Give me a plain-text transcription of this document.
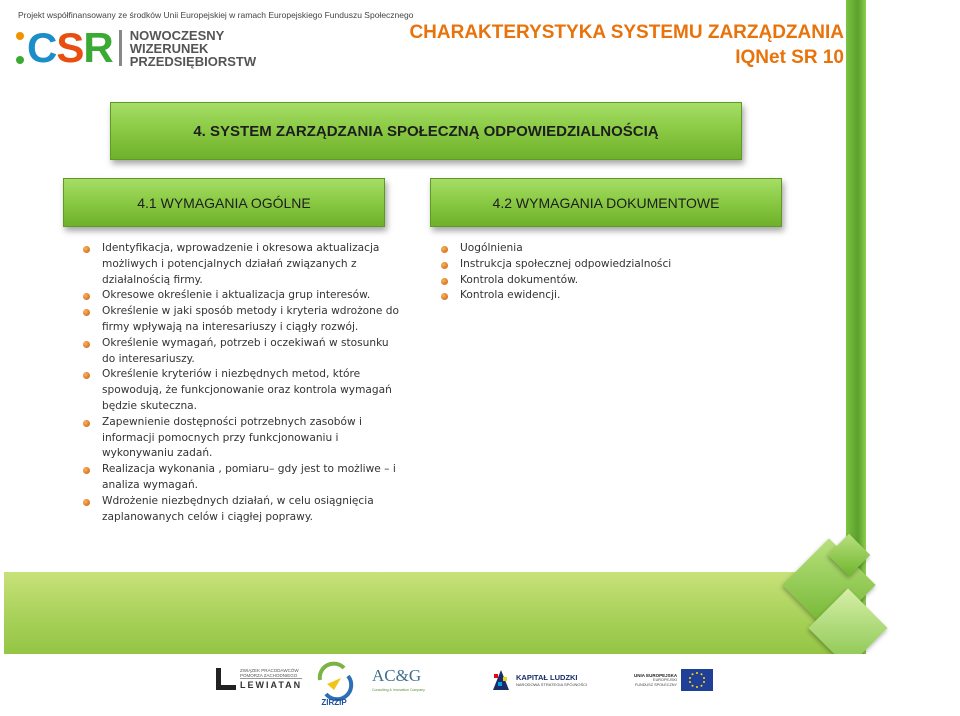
Projekt współfinansowany ze środków Unii Europejskiej w ramach Europejskiego Funduszu Społecznego
CSR NOWOCZESNY
WIZERUNEK
PRZEDSIĘBIORSTW
CHARAKTERYSTYKA SYSTEMU ZARZĄDZANIA
IQNet SR 10
4. SYSTEM ZARZĄDZANIA SPOŁECZNĄ ODPOWIEDZIALNOŚCIĄ
4.1 WYMAGANIA OGÓLNE	4.2 WYMAGANIA DOKUMENTOWE
Identyfikacja, wprowadzenie i okresowa aktualizacja możliwych i potencjalnych działań związanych z działalnością firmy.
Okresowe określenie i aktualizacja grup interesów.
Określenie w jaki sposób metody i kryteria wdrożone do firmy wpływają na interesariuszy i ciągły rozwój.
Określenie wymagań, potrzeb i oczekiwań w stosunku do interesariuszy.
Określenie kryteriów i niezbędnych metod, które spowodują, że funkcjonowanie oraz kontrola wymagań będzie skuteczna.
Zapewnienie dostępności potrzebnych zasobów i informacji pomocnych przy funkcjonowaniu i wykonywaniu zadań.
Realizacja wykonania , pomiaru– gdy jest to możliwe – i analiza wymagań.
Wdrożenie niezbędnych działań, w celu osiągnięcia zaplanowanych celów i ciągłej poprawy.
Uogólnienia
Instrukcja społecznej odpowiedzialności
Kontrola dokumentów.
Kontrola ewidencji.
ZWIĄZEK PRACODAWCÓW POMORZA ZACHODNIEGO
LEWIATAN
ZIRZIP
AC&G
Consulting & Innovation Company
KAPITAŁ LUDZKI
NARODOWA STRATEGIA SPÓJNOŚCI
UNIA EUROPEJSKA
EUROPEJSKI
FUNDUSZ SPOŁECZNY
